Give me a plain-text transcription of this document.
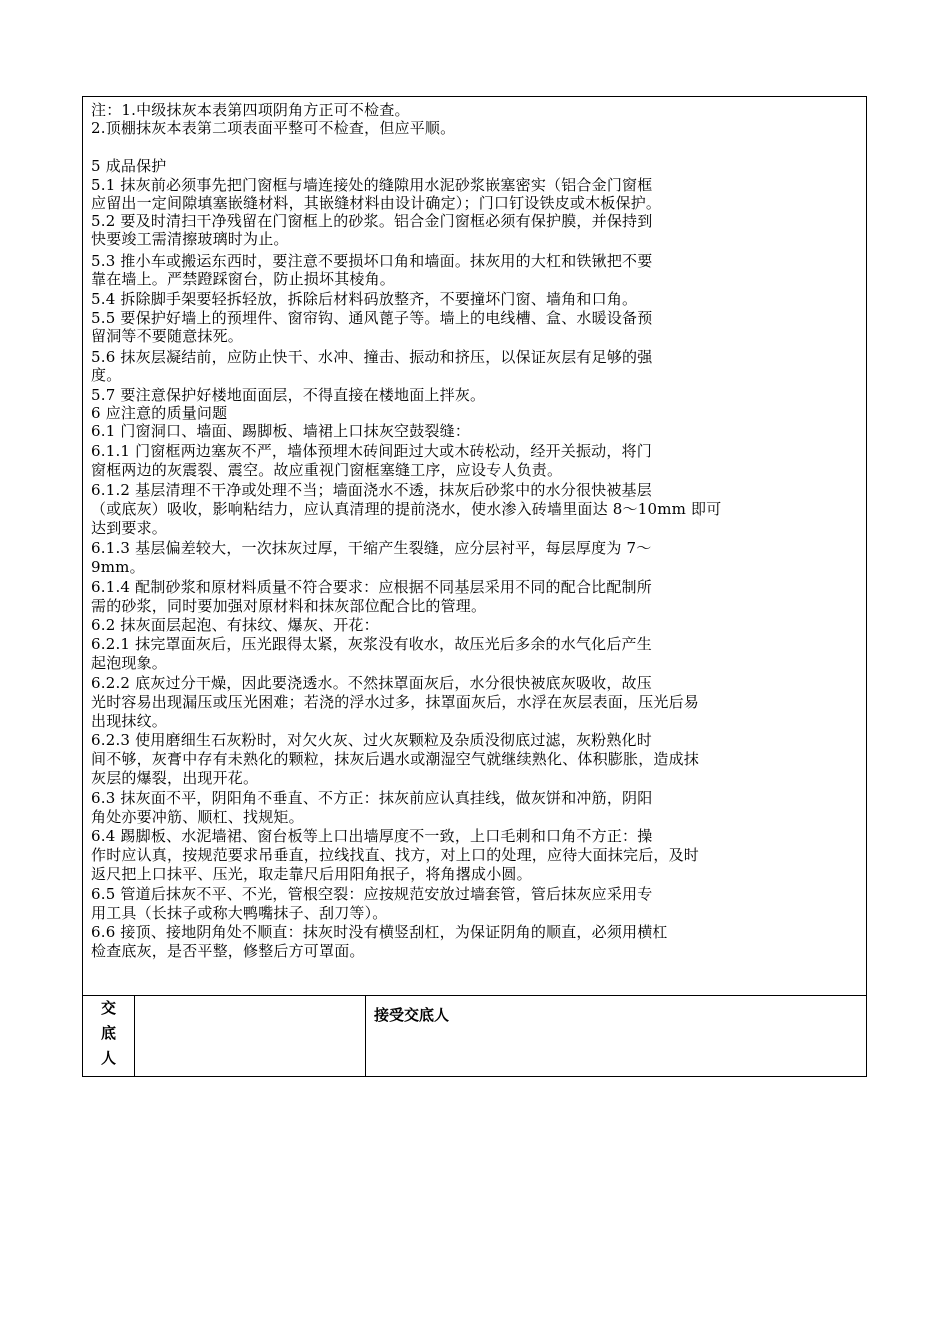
注：1.中级抹灰本表第四项阴角方正可不检查。
2.顶棚抹灰本表第二项表面平整可不检查，但应平顺。
5 成品保护
5.1 抹灰前必须事先把门窗框与墙连接处的缝隙用水泥砂浆嵌塞密实（铝合金门窗框
应留出一定间隙填塞嵌缝材料，其嵌缝材料由设计确定）；门口钉设铁皮或木板保护。
5.2 要及时清扫干净残留在门窗框上的砂浆。铝合金门窗框必须有保护膜，并保持到
快要竣工需清擦玻璃时为止。
5.3 推小车或搬运东西时，要注意不要损坏口角和墙面。抹灰用的大杠和铁锹把不要
靠在墙上。严禁蹬踩窗台，防止损坏其棱角。
5.4 拆除脚手架要轻拆轻放，拆除后材料码放整齐，不要撞坏门窗、墙角和口角。
5.5 要保护好墙上的预埋件、窗帘钩、通风蓖子等。墙上的电线槽、盒、水暖设备预
留洞等不要随意抹死。
5.6 抹灰层凝结前，应防止快干、水冲、撞击、振动和挤压，以保证灰层有足够的强
度。
5.7 要注意保护好楼地面面层，不得直接在楼地面上拌灰。
6 应注意的质量问题
6.1 门窗洞口、墙面、踢脚板、墙裙上口抹灰空鼓裂缝：
6.1.1 门窗框两边塞灰不严，墙体预埋木砖间距过大或木砖松动，经开关振动，将门
窗框两边的灰震裂、震空。故应重视门窗框塞缝工序，应设专人负责。
6.1.2 基层清理不干净或处理不当；墙面浇水不透，抹灰后砂浆中的水分很快被基层
（或底灰）吸收，影响粘结力，应认真清理的提前浇水，使水渗入砖墙里面达 8～10mm 即可
达到要求。
6.1.3 基层偏差较大，一次抹灰过厚，干缩产生裂缝，应分层衬平，每层厚度为 7～
9mm。
6.1.4 配制砂浆和原材料质量不符合要求：应根据不同基层采用不同的配合比配制所
需的砂浆，同时要加强对原材料和抹灰部位配合比的管理。
6.2 抹灰面层起泡、有抹纹、爆灰、开花：
6.2.1 抹完罩面灰后，压光跟得太紧，灰浆没有收水，故压光后多余的水气化后产生
起泡现象。
6.2.2 底灰过分干燥，因此要浇透水。不然抹罩面灰后，水分很快被底灰吸收，故压
光时容易出现漏压或压光困难；若浇的浮水过多，抹罩面灰后，水浮在灰层表面，压光后易
出现抹纹。
6.2.3 使用磨细生石灰粉时，对欠火灰、过火灰颗粒及杂质没彻底过滤，灰粉熟化时
间不够，灰膏中存有未熟化的颗粒，抹灰后遇水或潮湿空气就继续熟化、体积膨胀，造成抹
灰层的爆裂，出现开花。
6.3 抹灰面不平，阴阳角不垂直、不方正：抹灰前应认真挂线，做灰饼和冲筋，阴阳
角处亦要冲筋、顺杠、找规矩。
6.4 踢脚板、水泥墙裙、窗台板等上口出墙厚度不一致，上口毛刺和口角不方正：操
作时应认真，按规范要求吊垂直，拉线找直、找方，对上口的处理，应待大面抹完后，及时
返尺把上口抹平、压光，取走靠尺后用阳角抿子，将角撂成小圆。
6.5 管道后抹灰不平、不光，管根空裂：应按规范安放过墙套管，管后抹灰应采用专
用工具（长抹子或称大鸭嘴抹子、刮刀等）。
6.6 接顶、接地阴角处不顺直：抹灰时没有横竖刮杠，为保证阴角的顺直，必须用横杠
检查底灰，是否平整，修整后方可罩面。
交
底
人
接受交底人
